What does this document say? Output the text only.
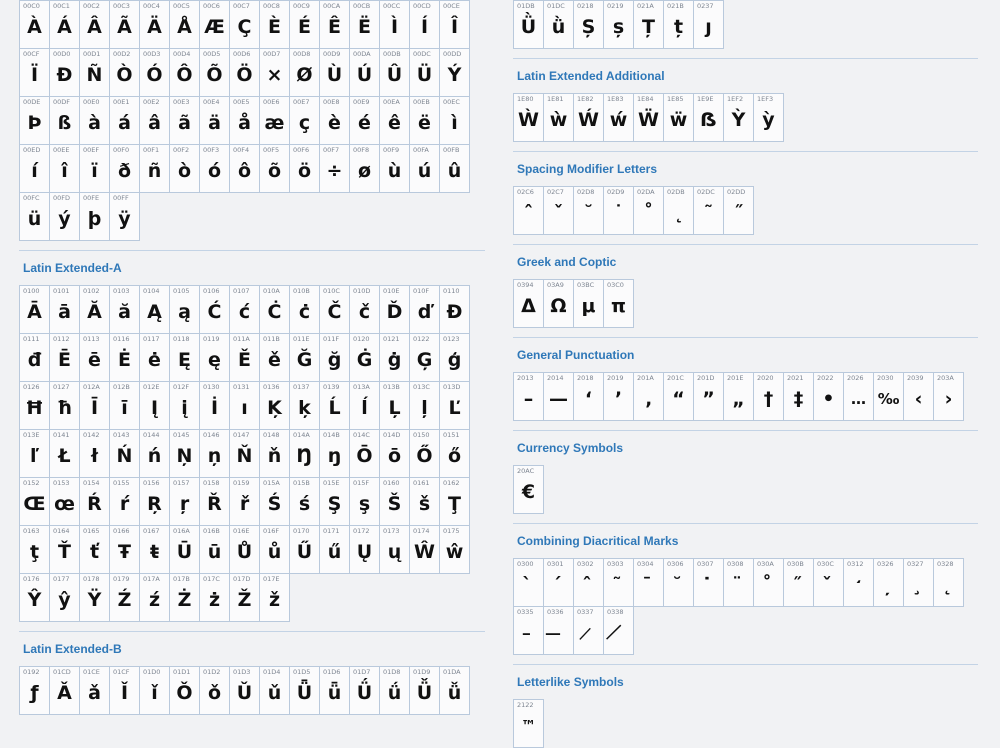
00C0
À
00C1
Á
00C2
Â
00C3
Ã
00C4
Ä
00C5
Å
00C6
Æ
00C7
Ç
00C8
È
00C9
É
00CA
Ê
00CB
Ë
00CC
Ì
00CD
Í
00CE
Î
00CF
Ï
00D0
Ð
00D1
Ñ
00D2
Ò
00D3
Ó
00D4
Ô
00D5
Õ
00D6
Ö
00D7
×
00D8
Ø
00D9
Ù
00DA
Ú
00DB
Û
00DC
Ü
00DD
Ý
00DE
Þ
00DF
ß
00E0
à
00E1
á
00E2
â
00E3
ã
00E4
ä
00E5
å
00E6
æ
00E7
ç
00E8
è
00E9
é
00EA
ê
00EB
ë
00EC
ì
00ED
í
00EE
î
00EF
ï
00F0
ð
00F1
ñ
00F2
ò
00F3
ó
00F4
ô
00F5
õ
00F6
ö
00F7
÷
00F8
ø
00F9
ù
00FA
ú
00FB
û
00FC
ü
00FD
ý
00FE
þ
00FF
ÿ
Latin Extended-A
0100
Ā
0101
ā
0102
Ă
0103
ă
0104
Ą
0105
ą
0106
Ć
0107
ć
010A
Ċ
010B
ċ
010C
Č
010D
č
010E
Ď
010F
ď
0110
Đ
0111
đ
0112
Ē
0113
ē
0116
Ė
0117
ė
0118
Ę
0119
ę
011A
Ě
011B
ě
011E
Ğ
011F
ğ
0120
Ġ
0121
ġ
0122
Ģ
0123
ģ
0126
Ħ
0127
ħ
012A
Ī
012B
ī
012E
Į
012F
į
0130
İ
0131
ı
0136
Ķ
0137
ķ
0139
Ĺ
013A
ĺ
013B
Ļ
013C
ļ
013D
Ľ
013E
ľ
0141
Ł
0142
ł
0143
Ń
0144
ń
0145
Ņ
0146
ņ
0147
Ň
0148
ň
014A
Ŋ
014B
ŋ
014C
Ō
014D
ō
0150
Ő
0151
ő
0152
Œ
0153
œ
0154
Ŕ
0155
ŕ
0156
Ŗ
0157
ŗ
0158
Ř
0159
ř
015A
Ś
015B
ś
015E
Ş
015F
ş
0160
Š
0161
š
0162
Ţ
0163
ţ
0164
Ť
0165
ť
0166
Ŧ
0167
ŧ
016A
Ū
016B
ū
016E
Ů
016F
ů
0170
Ű
0171
ű
0172
Ų
0173
ų
0174
Ŵ
0175
ŵ
0176
Ŷ
0177
ŷ
0178
Ÿ
0179
Ź
017A
ź
017B
Ż
017C
ż
017D
Ž
017E
ž
Latin Extended-B
0192
ƒ
01CD
Ǎ
01CE
ǎ
01CF
Ǐ
01D0
ǐ
01D1
Ǒ
01D2
ǒ
01D3
Ǔ
01D4
ǔ
01D5
Ǖ
01D6
ǖ
01D7
Ǘ
01D8
ǘ
01D9
Ǚ
01DA
ǚ
01DB
Ǜ
01DC
ǜ
0218
Ș
0219
ș
021A
Ț
021B
ț
0237
ȷ
Latin Extended Additional
1E80
Ẁ
1E81
ẁ
1E82
Ẃ
1E83
ẃ
1E84
Ẅ
1E85
ẅ
1E9E
ẞ
1EF2
Ỳ
1EF3
ỳ
Spacing Modifier Letters
02C6
ˆ
02C7
ˇ
02D8
˘
02D9
˙
02DA
˚
02DB
˛
02DC
˜
02DD
˝
Greek and Coptic
0394
Δ
03A9
Ω
03BC
μ
03C0
π
General Punctuation
2013
–
2014
—
2018
‘
2019
’
201A
‚
201C
“
201D
”
201E
„
2020
†
2021
‡
2022
•
2026
…
2030
‰
2039
‹
203A
›
Currency Symbols
20AC
€
Combining Diacritical Marks
0300
̀
0301
́
0302
̂
0303
̃
0304
̄
0306
̆
0307
̇
0308
̈
030A
̊
030B
̋
030C
̌
0312
̒
0326
̦
0327
̧
0328
̨
0335
̵
0336
̶
0337
̷
0338
̸
Letterlike Symbols
2122
™
